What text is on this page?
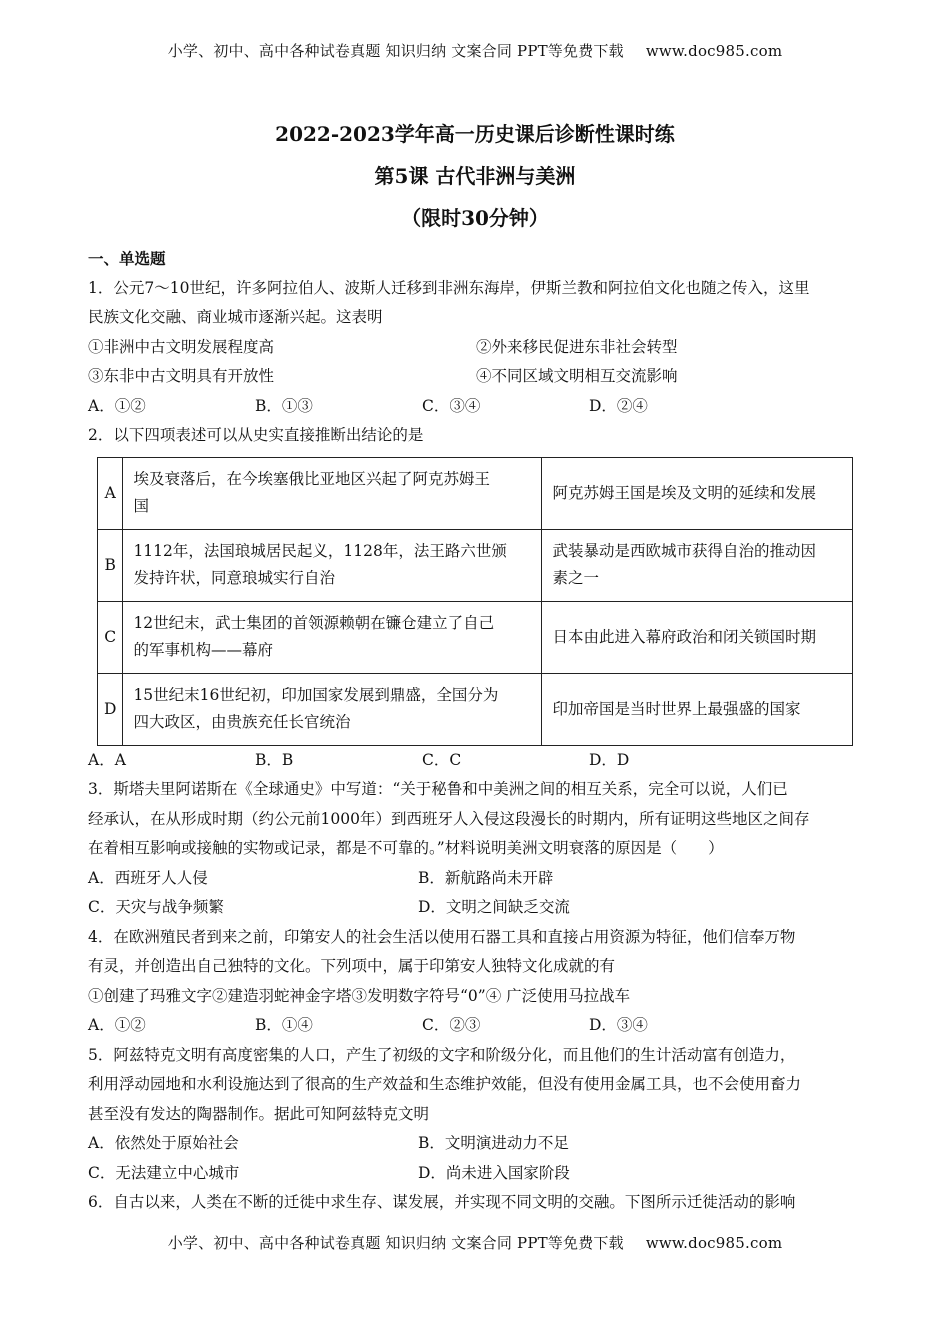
小学、初中、高中各种试卷真题 知识归纳 文案合同 PPT等免费下载 www.doc985.com
2022-2023学年高一历史课后诊断性课时练
第5课 古代非洲与美洲
（限时30分钟）
一、单选题
1．公元7～10世纪，许多阿拉伯人、波斯人迁移到非洲东海岸，伊斯兰教和阿拉伯文化也随之传入，这里
民族文化交融、商业城市逐渐兴起。这表明
①非洲中古文明发展程度高	②外来移民促进东非社会转型
③东非中古文明具有开放性	④不同区域文明相互交流影响
A．①②	B．①③	C．③④	D．②④
2．以下四项表述可以从史实直接推断出结论的是
A	埃及衰落后，在今埃塞俄比亚地区兴起了阿克苏姆王
国	阿克苏姆王国是埃及文明的延续和发展
B	1112年，法国琅城居民起义，1128年，法王路六世颁
发持许状，同意琅城实行自治	武装暴动是西欧城市获得自治的推动因
素之一
C	12世纪末，武士集团的首领源赖朝在镰仓建立了自己
的军事机构——幕府	日本由此进入幕府政治和闭关锁国时期
D	15世纪末16世纪初，印加国家发展到鼎盛，全国分为
四大政区，由贵族充任长官统治	印加帝国是当时世界上最强盛的国家
A．A	B．B	C．C	D．D
3．斯塔夫里阿诺斯在《全球通史》中写道：“关于秘鲁和中美洲之间的相互关系，完全可以说，人们已
经承认，在从形成时期（约公元前1000年）到西班牙人入侵这段漫长的时期内，所有证明这些地区之间存
在着相互影响或接触的实物或记录，都是不可靠的。”材料说明美洲文明衰落的原因是（　　）
A．西班牙人人侵	B．新航路尚未开辟
C．天灾与战争频繁	D．文明之间缺乏交流
4．在欧洲殖民者到来之前，印第安人的社会生活以使用石器工具和直接占用资源为特征，他们信奉万物
有灵，并创造出自己独特的文化。下列项中，属于印第安人独特文化成就的有
①创建了玛雅文字②建造羽蛇神金字塔③发明数字符号“0”④ 广泛使用马拉战车
A．①②	B．①④	C．②③	D．③④
5．阿兹特克文明有高度密集的人口，产生了初级的文字和阶级分化，而且他们的生计活动富有创造力，
利用浮动园地和水利设施达到了很高的生产效益和生态维护效能，但没有使用金属工具，也不会使用畜力
甚至没有发达的陶器制作。据此可知阿兹特克文明
A．依然处于原始社会	B．文明演进动力不足
C．无法建立中心城市	D．尚未进入国家阶段
6．自古以来，人类在不断的迁徙中求生存、谋发展，并实现不同文明的交融。下图所示迁徙活动的影响
小学、初中、高中各种试卷真题 知识归纳 文案合同 PPT等免费下载 www.doc985.com
